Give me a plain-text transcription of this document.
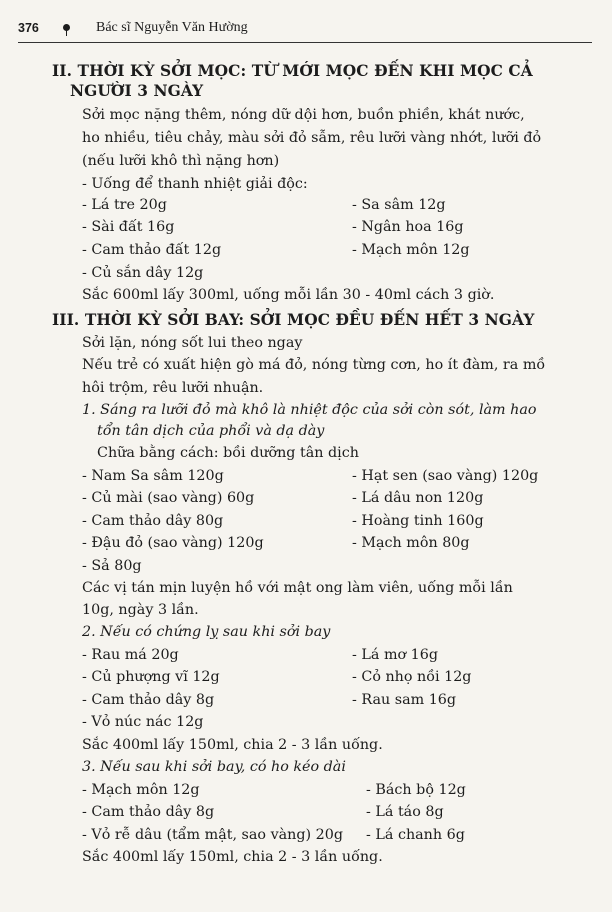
376	Bác sĩ Nguyễn Văn Hường
II. THỜI KỲ SỞI MỌC: TỪ MỚI MỌC ĐẾN KHI MỌC CẢ
NGƯỜI 3 NGÀY
Sởi mọc nặng thêm, nóng dữ dội hơn, buồn phiền, khát nước,
ho nhiều, tiêu chảy, màu sởi đỏ sẫm, rêu lưỡi vàng nhớt, lưỡi đỏ
(nếu lưỡi khô thì nặng hơn)
- Uống để thanh nhiệt giải độc:
- Lá tre 20g	- Sa sâm 12g
- Sài đất 16g	- Ngân hoa 16g
- Cam thảo đất 12g	- Mạch môn 12g
- Củ sắn dây 12g
Sắc 600ml lấy 300ml, uống mỗi lần 30 - 40ml cách 3 giờ.
III. THỜI KỲ SỞI BAY: SỞI MỌC ĐỀU ĐẾN HẾT 3 NGÀY
Sởi lặn, nóng sốt lui theo ngay
Nếu trẻ có xuất hiện gò má đỏ, nóng từng cơn, ho ít đàm, ra mồ
hôi trộm, rêu lưỡi nhuận.
1. Sáng ra lưỡi đỏ mà khô là nhiệt độc của sởi còn sót, làm hao
tổn tân dịch của phổi và dạ dày
Chữa bằng cách: bồi dưỡng tân dịch
- Nam Sa sâm 120g	- Hạt sen (sao vàng) 120g
- Củ mài (sao vàng) 60g	- Lá dâu non 120g
- Cam thảo dây 80g	- Hoàng tinh 160g
- Đậu đỏ (sao vàng) 120g	- Mạch môn 80g
- Sả 80g
Các vị tán mịn luyện hồ với mật ong làm viên, uống mỗi lần
10g, ngày 3 lần.
2. Nếu có chứng lỵ sau khi sởi bay
- Rau má 20g	- Lá mơ 16g
- Củ phượng vĩ 12g	- Cỏ nhọ nồi 12g
- Cam thảo dây 8g	- Rau sam 16g
- Vỏ núc nác 12g
Sắc 400ml lấy 150ml, chia 2 - 3 lần uống.
3. Nếu sau khi sởi bay, có ho kéo dài
- Mạch môn 12g	- Bách bộ 12g
- Cam thảo dây 8g	- Lá táo 8g
- Vỏ rễ dâu (tẩm mật, sao vàng) 20g - Lá chanh 6g
Sắc 400ml lấy 150ml, chia 2 - 3 lần uống.
